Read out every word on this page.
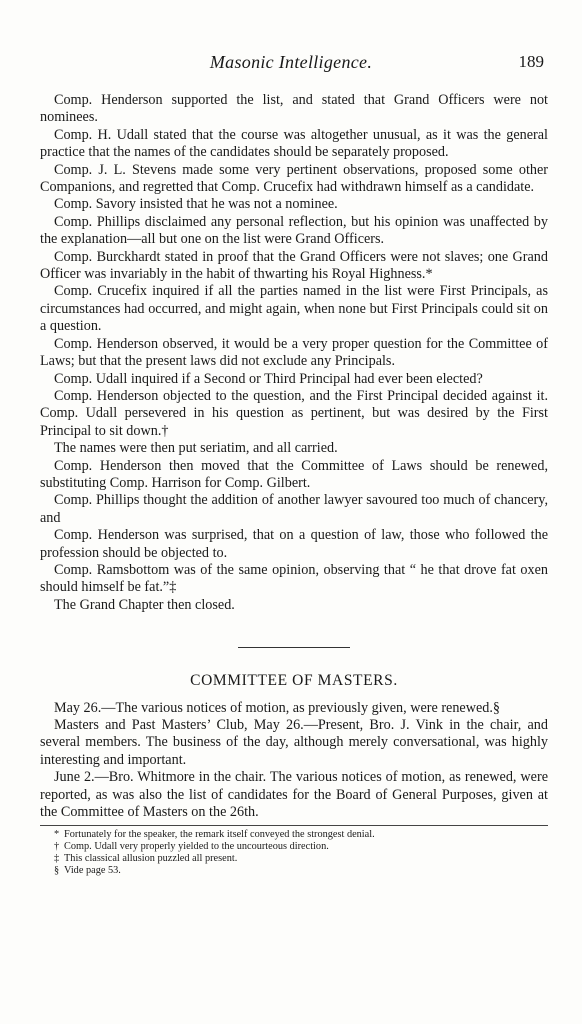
Masonic Intelligence.	189

Comp. Henderson supported the list, and stated that Grand Officers were not nominees.

Comp. H. Udall stated that the course was altogether unusual, as it was the general practice that the names of the candidates should be separately proposed.

Comp. J. L. Stevens made some very pertinent observations, proposed some other Companions, and regretted that Comp. Crucefix had withdrawn himself as a candidate.

Comp. Savory insisted that he was not a nominee.

Comp. Phillips disclaimed any personal reflection, but his opinion was unaffected by the explanation—all but one on the list were Grand Officers.

Comp. Burckhardt stated in proof that the Grand Officers were not slaves; one Grand Officer was invariably in the habit of thwarting his Royal Highness.*

Comp. Crucefix inquired if all the parties named in the list were First Principals, as circumstances had occurred, and might again, when none but First Principals could sit on a question.

Comp. Henderson observed, it would be a very proper question for the Committee of Laws; but that the present laws did not exclude any Principals.

Comp. Udall inquired if a Second or Third Principal had ever been elected?

Comp. Henderson objected to the question, and the First Principal decided against it. Comp. Udall persevered in his question as pertinent, but was desired by the First Principal to sit down.†

The names were then put seriatim, and all carried.

Comp. Henderson then moved that the Committee of Laws should be renewed, substituting Comp. Harrison for Comp. Gilbert.

Comp. Phillips thought the addition of another lawyer savoured too much of chancery, and

Comp. Henderson was surprised, that on a question of law, those who followed the profession should be objected to.

Comp. Ramsbottom was of the same opinion, observing that “ he that drove fat oxen should himself be fat.”‡

The Grand Chapter then closed.

COMMITTEE OF MASTERS.

May 26.—The various notices of motion, as previously given, were renewed.§

Masters and Past Masters’ Club, May 26.—Present, Bro. J. Vink in the chair, and several members. The business of the day, although merely conversational, was highly interesting and important.

June 2.—Bro. Whitmore in the chair. The various notices of motion, as renewed, were reported, as was also the list of candidates for the Board of General Purposes, given at the Committee of Masters on the 26th.

* Fortunately for the speaker, the remark itself conveyed the strongest denial.

† Comp. Udall very properly yielded to the uncourteous direction.

‡ This classical allusion puzzled all present.

§ Vide page 53.
